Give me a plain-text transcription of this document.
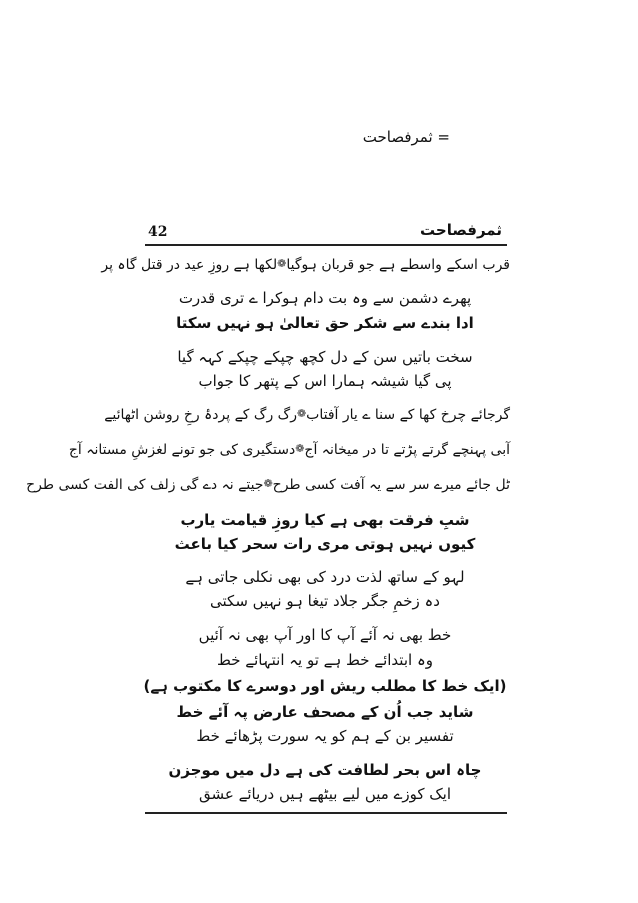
= ثمرفصاحت
42	ثمرفصاحت
قرب اسکے واسطے ہے جو قربان ہوگیا
❁
لکھا ہے روزِ عید در قتل گاہ پر
پھرے دشمن سے وہ بت دام ہوکرا ے تری قدرت
ادا بندے سے شکر حق تعالیٰ ہو نہیں سکتا
سخت باتیں سن کے دل کچھ چپکے چپکے کہہ گیا
پی گیا شیشہ ہمارا اس کے پتھر کا جواب
گرجائے چرخ کھا کے سنا ے یار آفتاب
❁
رگ رگ کے پردۂ رخِ روشن اٹھائیے
آبی پہنچے گرتے پڑتے تا در میخانہ آج
❁
دستگیری کی جو تونے لغزشِ مستانہ آج
ٹل جائے میرے سر سے یہ آفت کسی طرح
❁
جیتے نہ دے گی زلف کی الفت کسی طرح
شبِ فرقت بھی ہے کیا روزِ قیامت یارب
کیوں نہیں ہوتی مری رات سحر کیا باعث
لہو کے ساتھ لذت درد کی بھی نکلی جاتی ہے
دہ زخمِ جگر جلاد تیغا ہو نہیں سکتی
خط بھی نہ آئے آپ کا اور آپ بھی نہ آئیں
وہ ابتدائے خط ہے تو یہ انتہائے خط
(ایک خط کا مطلب ریش اور دوسرے کا مکتوب ہے)
شاید جب اُن کے مصحف عارض پہ آئے خط
تفسیر بن کے ہم کو یہ سورت پڑھائے خط
چاہ اس بحر لطافت کی ہے دل میں موجزن
ایک کوزے میں لیے بیٹھے ہیں دریائے عشق
